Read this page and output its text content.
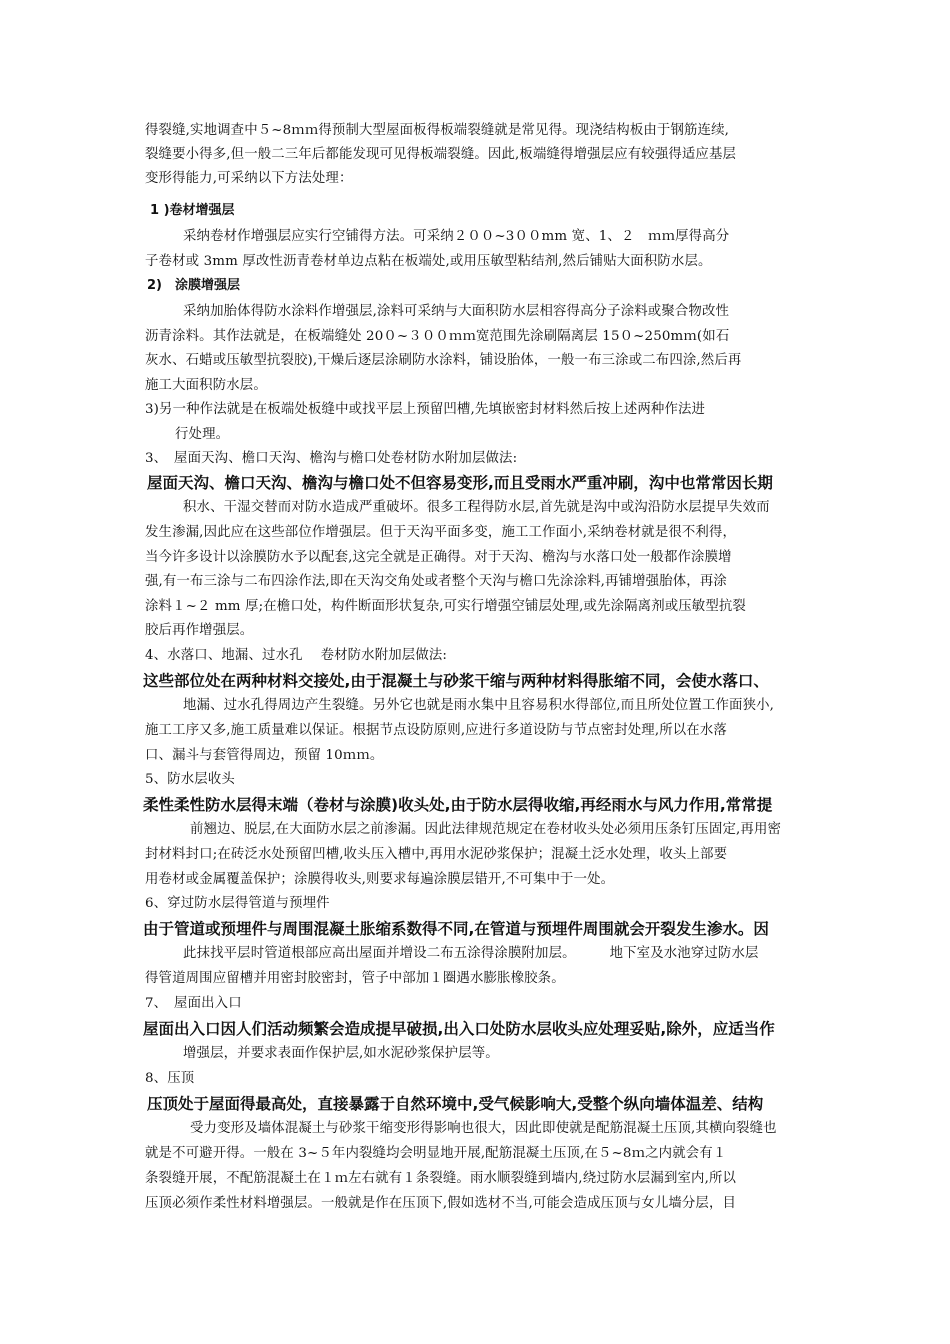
得裂缝,实地调查中５~8ｍｍ得预制大型屋面板得板端裂缝就是常见得。现浇结构板由于钢筋连续,
裂缝要小得多,但一般二三年后都能发现可见得板端裂缝。因此,板端缝得增强层应有较强得适应基层
变形得能力,可采纳以下方法处理：
1 )卷材增强层
采纳卷材作增强层应实行空铺得方法。可采纳２００~3００mm 宽、1、２　ｍｍ厚得高分
子卷材或 3mm 厚改性沥青卷材单边点粘在板端处,或用压敏型粘结剂,然后铺贴大面积防水层。
2)　涂膜增强层
采纳加胎体得防水涂料作增强层,涂料可采纳与大面积防水层相容得高分子涂料或聚合物改性
沥青涂料。其作法就是，在板端缝处 20０~３００ｍｍ宽范围先涂刷隔离层 15０~250mｍ(如石
灰水、石蜡或压敏型抗裂胶),干燥后逐层涂刷防水涂料，铺设胎体，一般一布三涂或二布四涂,然后再
施工大面积防水层。
3)另一种作法就是在板端处板缝中或找平层上预留凹槽,先填嵌密封材料然后按上述两种作法进
行处理。
3、　屋面天沟、檐口天沟、檐沟与檐口处卷材防水附加层做法:
屋面天沟、檐口天沟、檐沟与檐口处不但容易变形,而且受雨水严重冲刷，沟中也常常因长期
积水、干湿交替而对防水造成严重破坏。很多工程得防水层,首先就是沟中或沟沿防水层提早失效而
发生渗漏,因此应在这些部位作增强层。但于天沟平面多变，施工工作面小,采纳卷材就是很不利得，
当今许多设计以涂膜防水予以配套,这完全就是正确得。对于天沟、檐沟与水落口处一般都作涂膜增
强,有一布三涂与二布四涂作法,即在天沟交角处或者整个天沟与檐口先涂涂料,再铺增强胎体，再涂
涂料１~２ mm 厚;在檐口处，构件断面形状复杂,可实行增强空铺层处理,或先涂隔离剂或压敏型抗裂
胶后再作增强层。
4、水落口、地漏、过水孔　 卷材防水附加层做法:
这些部位处在两种材料交接处,由于混凝土与砂浆干缩与两种材料得胀缩不同，会使水落口、
地漏、过水孔得周边产生裂缝。另外它也就是雨水集中且容易积水得部位,而且所处位置工作面狭小,
施工工序又多,施工质量难以保证。根据节点设防原则,应进行多道设防与节点密封处理,所以在水落
口、漏斗与套管得周边，预留 10ｍｍ。
5、防水层收头
柔性柔性防水层得末端（卷材与涂膜)收头处,由于防水层得收缩,再经雨水与风力作用,常常提
前翘边、脱层,在大面防水层之前渗漏。因此法律规范规定在卷材收头处必须用压条钉压固定,再用密
封材料封口;在砖泛水处预留凹槽,收头压入槽中,再用水泥砂浆保护；混凝土泛水处理，收头上部要
用卷材或金属覆盖保护；涂膜得收头,则要求每遍涂膜层错开,不可集中于一处。
6、穿过防水层得管道与预埋件
由于管道或预埋件与周围混凝土胀缩系数得不同,在管道与预埋件周围就会开裂发生渗水。因
此抹找平层时管道根部应高出屋面并增设二布五涂得涂膜附加层。　　　地下室及水池穿过防水层
得管道周围应留槽并用密封胶密封，管子中部加１圈遇水膨胀橡胶条。
7、　屋面出入口
屋面出入口因人们活动频繁会造成提早破损,出入口处防水层收头应处理妥贴,除外，应适当作
增强层，并要求表面作保护层,如水泥砂浆保护层等。
8、压顶
压顶处于屋面得最高处，直接暴露于自然环境中,受气候影响大,受整个纵向墙体温差、结构
受力变形及墙体混凝土与砂浆干缩变形得影响也很大，因此即使就是配筋混凝土压顶,其横向裂缝也
就是不可避开得。一般在 3~５年内裂缝均会明显地开展,配筋混凝土压顶,在５~8ｍ之内就会有１
条裂缝开展，不配筋混凝土在１ｍ左右就有１条裂缝。雨水顺裂缝到墙内,绕过防水层漏到室内,所以
压顶必须作柔性材料增强层。一般就是作在压顶下,假如选材不当,可能会造成压顶与女儿墙分层，目
